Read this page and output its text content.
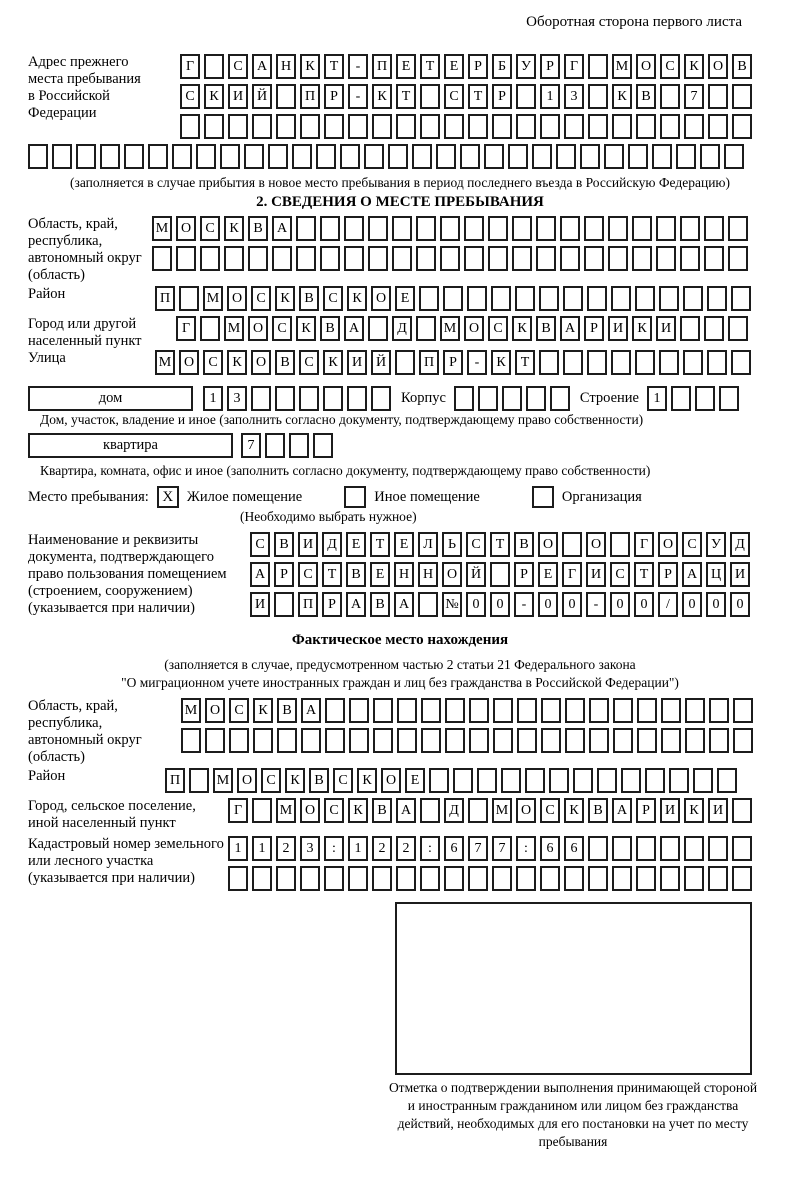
Оборотная сторона первого листа
Адрес прежнего
места пребывания
в Российской
Федерации
Г	С А Н К Т - П Е Т Е Р Б У Р Г	М О С К О В
С К И Й	П Р - К Т	С Т Р	1 3	К В	7
(заполняется в случае прибытия в новое место пребывания в период последнего въезда в Российскую Федерацию)
2. СВЕДЕНИЯ О МЕСТЕ ПРЕБЫВАНИЯ
Область, край, республика, автономный округ (область)
М О С К В А
Район	П	М О С К В С К О Е
Город или другой населенный пункт
Г	М О С К В А	Д	М О С К В А Р И К И
Улица	М О С К О В С К И Й	П Р - К Т
дом	1 3	Корпус	Строение 1
Дом, участок, владение и иное (заполнить согласно документу, подтверждающему право собственности)
квартира	7
Квартира, комната, офис и иное (заполнить согласно документу, подтверждающему право собственности)
Место пребывания: X Жилое помещение	Иное помещение	Организация
(Необходимо выбрать нужное)
Наименование и реквизиты документа, подтверждающего право пользования помещением (строением, сооружением) (указывается при наличии)
С В И Д Е Т Е Л Ь С Т В О	О	Г О С У Д
А Р С Т В Е Н Н О Й	Р Е Г И С Т Р А Ц И
И	П Р А В А	№ 0 0 - 0 0 - 0 0 / 0 0 0
Фактическое место нахождения
(заполняется в случае, предусмотренном частью 2 статьи 21 Федерального закона
"О миграционном учете иностранных граждан и лиц без гражданства в Российской Федерации")
Область, край, республика, автономный округ (область)
М О С К В А
Район	П	М О С К В С К О Е
Город, сельское поселение, иной населенный пункт
Г	М О С К В А	Д	М О С К В А Р И К И
Кадастровый номер земельного или лесного участка (указывается при наличии)
1 1 2 3 : 1 2 2 : 6 7 7 : 6 6
Отметка о подтверждении выполнения принимающей стороной и иностранным гражданином или лицом без гражданства действий, необходимых для его постановки на учет по месту пребывания
